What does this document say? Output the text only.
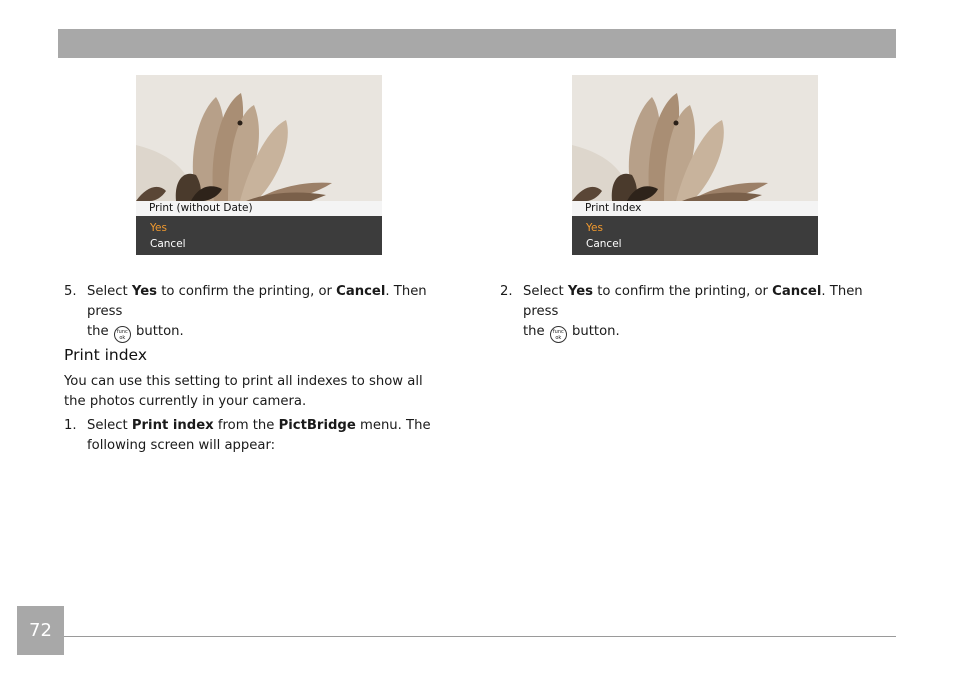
Print (without Date)
Yes
Cancel
Print Index
Yes
Cancel
5. Select Yes to confirm the printing, or Cancel. Then press
the func
ok button.
Print index
You can use this setting to print all indexes to show all the photos currently in your camera.
1. Select Print index from the PictBridge menu. The
following screen will appear:
2. Select Yes to confirm the printing, or Cancel. Then press
the func
ok button.
72
